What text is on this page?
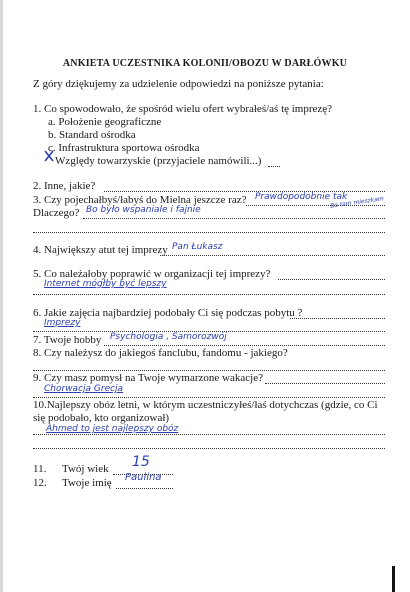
ANKIETA UCZESTNIKA KOLONII/OBOZU W DARŁÓWKU
Z góry dziękujemy za udzielenie odpowiedzi na poniższe pytania:
1. Co spowodowało, że spośród wielu ofert wybrałeś/aś tę imprezę?
a. Położenie geograficzne
b. Standard ośrodka
c. Infrastruktura sportowa ośrodka
Względy towarzyskie (przyjaciele namówili...)
2. Inne, jakie?
3. Czy pojechałbyś/łabyś do Mielna jeszcze raz? Prawdopodobnie tak
Dlaczego? Bo było wspaniale i fajnie
Bo tam mieszkam
4. Największy atut tej imprezy Pan Łukasz
5. Co należałoby poprawić w organizacji tej imprezy?
Internet mógłby być lepszy
6. Jakie zajęcia najbardziej podobały Ci się podczas pobytu ?
Imprezy
7. Twoje hobby Psychologia , Samorozwój
8. Czy należysz do jakiegoś fanclubu, fandomu - jakiego?
9. Czy masz pomysł na Twoje wymarzone wakacje?
Chorwacja Grecja
10.Najlepszy obóz letni, w którym uczestniczyłeś/łaś dotychczas (gdzie, co Ci
się podobało, kto organizował)
Ahmed to jest najlepszy obóz
11. Twój wiek 15
12. Twoje imię Paulina
